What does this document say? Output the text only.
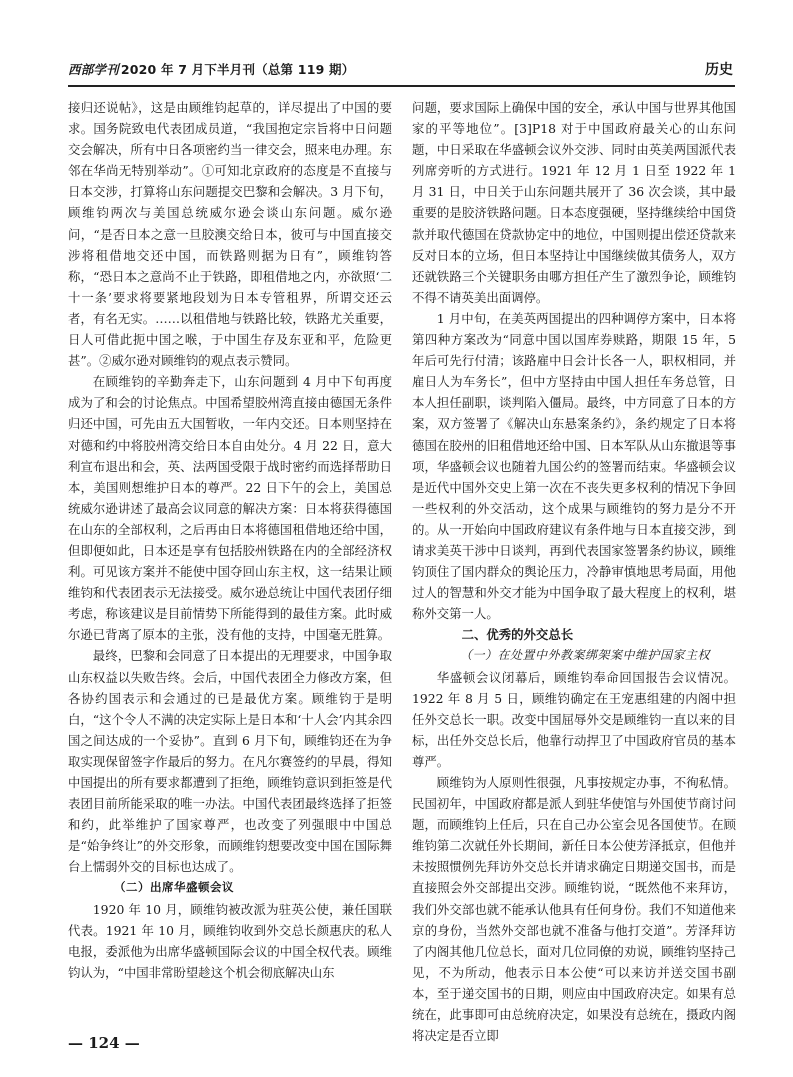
西部学刊 2020 年 7 月下半月刊（总第 119 期）	历史

接归还说帖》，这是由顾维钧起草的，详尽提出了中国的要求。国务院致电代表团成员道，“我国抱定宗旨将中日问题交会解决，所有中日各项密约当一律交会，照来电办理。东邻在华尚无特别举动”。①可知北京政府的态度是不直接与日本交涉，打算将山东问题提交巴黎和会解决。3 月下旬，顾维钧两次与美国总统威尔逊会谈山东问题。威尔逊问，“是否日本之意一旦胶澳交给日本，彼可与中国直接交涉将租借地交还中国，而铁路则据为日有”，顾维钧答称，“恐日本之意尚不止于铁路，即租借地之内，亦欲照‘二十一条’要求将要紧地段划为日本专管租界，所谓交还云者，有名无实。……以租借地与铁路比较，铁路尤关重要，日人可借此扼中国之喉，于中国生存及东亚和平，危险更甚”。②威尔逊对顾维钧的观点表示赞同。

在顾维钧的辛勤奔走下，山东问题到 4 月中下旬再度成为了和会的讨论焦点。中国希望胶州湾直接由德国无条件归还中国，可先由五大国暂收，一年内交还。日本则坚持在对德和约中将胶州湾交给日本自由处分。4 月 22 日，意大利宣布退出和会，英、法两国受限于战时密约而选择帮助日本，美国则想维护日本的尊严。22 日下午的会上，美国总统威尔逊讲述了最高会议同意的解决方案：日本将获得德国在山东的全部权利，之后再由日本将德国租借地还给中国，但即便如此，日本还是享有包括胶州铁路在内的全部经济权利。可见该方案并不能使中国夺回山东主权，这一结果让顾维钧和代表团表示无法接受。威尔逊总统让中国代表团仔细考虑，称该建议是目前情势下所能得到的最佳方案。此时威尔逊已背离了原本的主张，没有他的支持，中国毫无胜算。

最终，巴黎和会同意了日本提出的无理要求，中国争取山东权益以失败告终。会后，中国代表团全力修改方案，但各协约国表示和会通过的已是最优方案。顾维钧于是明白，“这个令人不满的决定实际上是日本和‘十人会’内其余四国之间达成的一个妥协”。直到 6 月下旬，顾维钧还在为争取实现保留签字作最后的努力。在凡尔赛签约的早晨，得知中国提出的所有要求都遭到了拒绝，顾维钧意识到拒签是代表团目前所能采取的唯一办法。中国代表团最终选择了拒签和约，此举维护了国家尊严，也改变了列强眼中中国总是“始争终让”的外交形象，而顾维钧想要改变中国在国际舞台上懦弱外交的目标也达成了。

（二）出席华盛顿会议

1920 年 10 月，顾维钧被改派为驻英公使，兼任国联代表。1921 年 10 月，顾维钧收到外交总长颜惠庆的私人电报，委派他为出席华盛顿国际会议的中国全权代表。顾维钧认为，“中国非常盼望趁这个机会彻底解决山东

问题，要求国际上确保中国的安全，承认中国与世界其他国家的平等地位”。[3]P18 对于中国政府最关心的山东问题，中日采取在华盛顿会议外交涉、同时由英美两国派代表列席旁听的方式进行。1921 年 12 月 1 日至 1922 年 1 月 31 日，中日关于山东问题共展开了 36 次会谈，其中最重要的是胶济铁路问题。日本态度强硬，坚持继续给中国贷款并取代德国在贷款协定中的地位，中国则提出偿还贷款来反对日本的立场，但日本坚持让中国继续做其债务人，双方还就铁路三个关键职务由哪方担任产生了激烈争论，顾维钧不得不请英美出面调停。

1 月中旬，在美英两国提出的四种调停方案中，日本将第四种方案改为“同意中国以国库券赎路，期限 15 年，5 年后可先行付清；该路雇中日会计长各一人，职权相同，并雇日人为车务长”，但中方坚持由中国人担任车务总管，日本人担任副职，谈判陷入僵局。最终，中方同意了日本的方案，双方签署了《解决山东悬案条约》，条约规定了日本将德国在胶州的旧租借地还给中国、日本军队从山东撤退等事项，华盛顿会议也随着九国公约的签署而结束。华盛顿会议是近代中国外交史上第一次在不丧失更多权利的情况下争回一些权利的外交活动，这个成果与顾维钧的努力是分不开的。从一开始向中国政府建议有条件地与日本直接交涉，到请求美英干涉中日谈判，再到代表国家签署条约协议，顾维钧顶住了国内群众的舆论压力，冷静审慎地思考局面，用他过人的智慧和外交才能为中国争取了最大程度上的权利，堪称外交第一人。

二、优秀的外交总长

（一）在处置中外教案绑架案中维护国家主权

华盛顿会议闭幕后，顾维钧奉命回国报告会议情况。1922 年 8 月 5 日，顾维钧确定在王宠惠组建的内阁中担任外交总长一职。改变中国屈辱外交是顾维钧一直以来的目标，出任外交总长后，他靠行动捍卫了中国政府官员的基本尊严。

顾维钧为人原则性很强，凡事按规定办事，不徇私情。民国初年，中国政府都是派人到驻华使馆与外国使节商讨问题，而顾维钧上任后，只在自己办公室会见各国使节。在顾维钧第二次就任外长期间，新任日本公使芳泽抵京，但他并未按照惯例先拜访外交总长并请求确定日期递交国书，而是直接照会外交部提出交涉。顾维钧说，“既然他不来拜访，我们外交部也就不能承认他具有任何身份。我们不知道他来京的身份，当然外交部也就不准备与他打交道”。芳泽拜访了内阁其他几位总长，面对几位同僚的劝说，顾维钧坚持己见，不为所动，他表示日本公使“可以来访并送交国书副本，至于递交国书的日期，则应由中国政府决定。如果有总统在，此事即可由总统府决定，如果没有总统在，摄政内阁将决定是否立即

— 124 —
